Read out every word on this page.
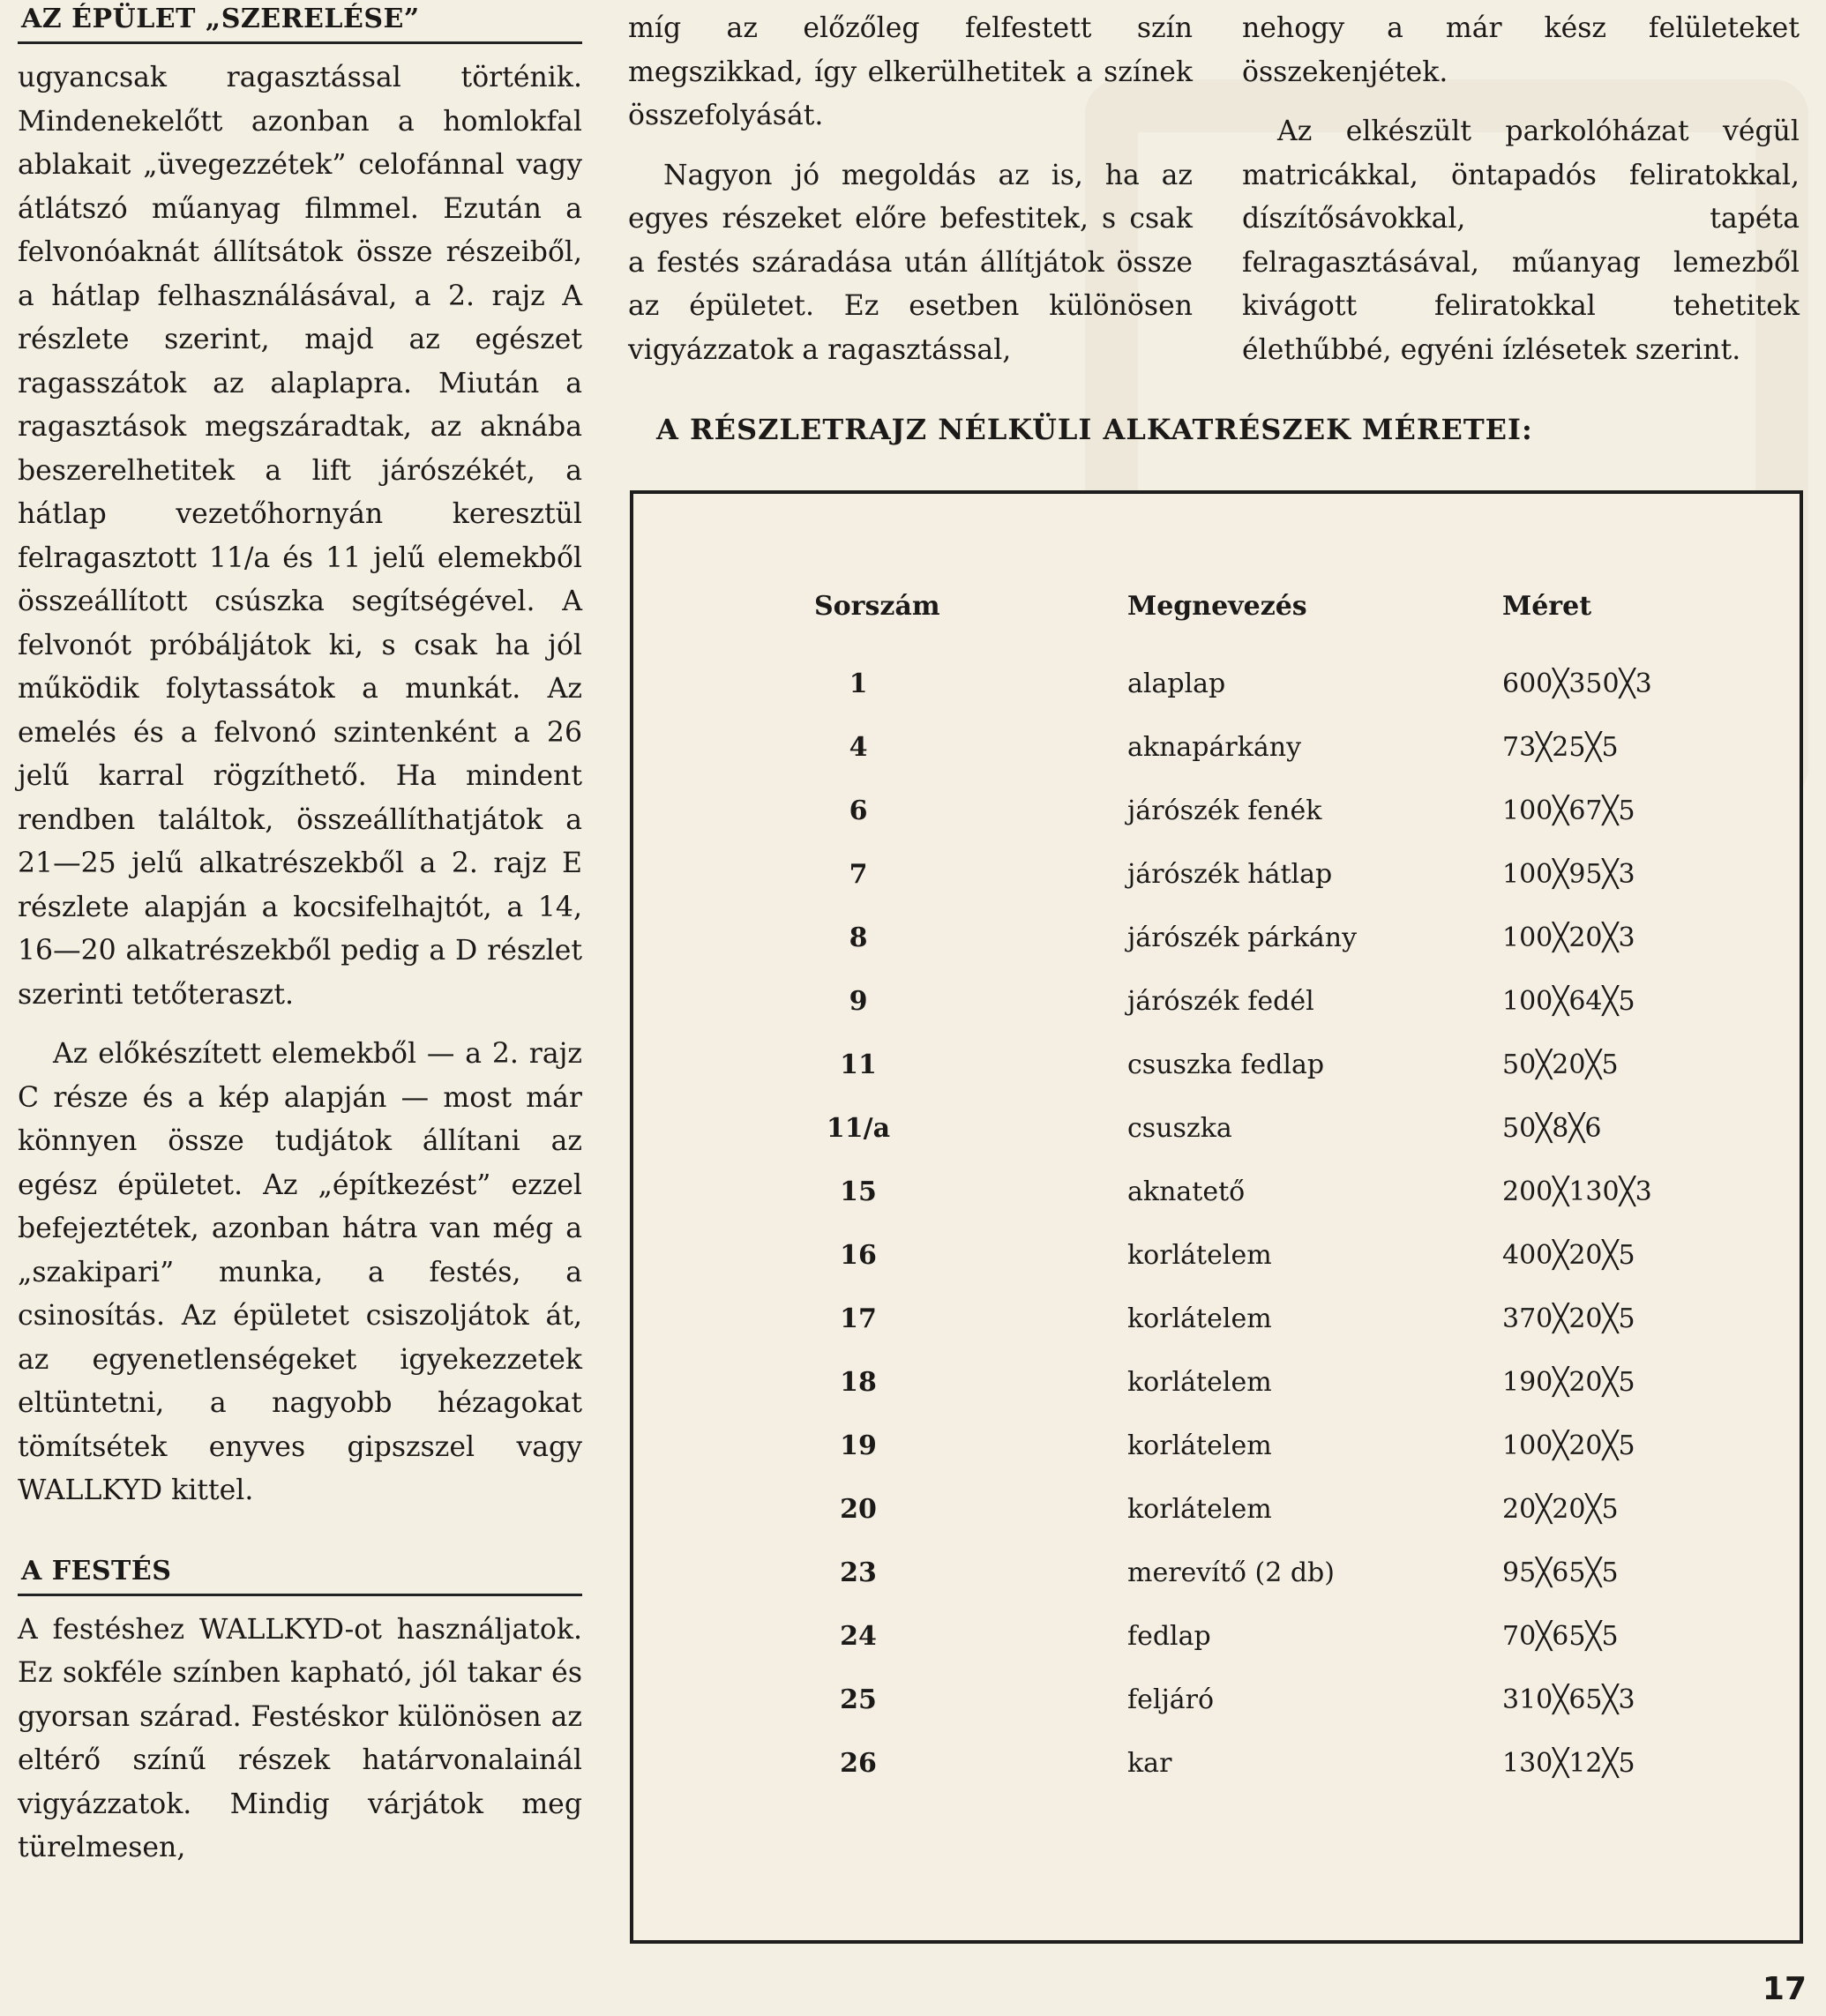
AZ ÉPÜLET „SZERELÉSE”

ugyancsak ragasztással történik. Mindenekelőtt azonban a homlokfal ablakait „üvegezzétek” celofánnal vagy átlátszó műanyag filmmel. Ezután a felvonóaknát állítsátok össze részeiből, a hátlap felhasználásával, a 2. rajz A részlete szerint, majd az egészet ragasszátok az alaplapra. Miután a ragasztások megszáradtak, az aknába beszerelhetitek a lift járószékét, a hátlap vezetőhornyán keresztül felragasztott 11/a és 11 jelű elemekből összeállított csúszka segítségével. A felvonót próbáljátok ki, s csak ha jól működik folytassátok a munkát. Az emelés és a felvonó szintenként a 26 jelű karral rögzíthető. Ha mindent rendben találtok, összeállíthatjátok a 21—25 jelű alkatrészekből a 2. rajz E részlete alapján a kocsifelhajtót, a 14, 16—20 alkatrészekből pedig a D részlet szerinti tetőteraszt.

Az előkészített elemekből — a 2. rajz C része és a kép alapján — most már könnyen össze tudjátok állítani az egész épületet. Az „építkezést” ezzel befejeztétek, azonban hátra van még a „szakipari” munka, a festés, a csinosítás. Az épületet csiszoljátok át, az egyenetlenségeket igyekezzetek eltüntetni, a nagyobb hézagokat tömítsétek enyves gipszszel vagy WALLKYD kittel.

A FESTÉS

A festéshez WALLKYD-ot használjatok. Ez sokféle színben kapható, jól takar és gyorsan szárad. Festéskor különösen az eltérő színű részek határvonalainál vigyázzatok. Mindig várjátok meg türelmesen,

míg az előzőleg felfestett szín megszikkad, így elkerülhetitek a színek összefolyását.

Nagyon jó megoldás az is, ha az egyes részeket előre befestitek, s csak a festés száradása után állítjátok össze az épületet. Ez esetben különösen vigyázzatok a ragasztással,

nehogy a már kész felületeket összekenjétek.

Az elkészült parkolóházat végül matricákkal, öntapadós feliratokkal, díszítősávokkal, tapéta felragasztásával, műanyag lemezből kivágott feliratokkal tehetitek élethűbbé, egyéni ízlésetek szerint.

A RÉSZLETRAJZ NÉLKÜLI ALKATRÉSZEK MÉRETEI:
Sorszám	Megnevezés	Méret
1	alaplap	600╳350╳3
4	aknapárkány	73╳25╳5
6	járószék fenék	100╳67╳5
7	járószék hátlap	100╳95╳3
8	járószék párkány	100╳20╳3
9	járószék fedél	100╳64╳5
11	csuszka fedlap	50╳20╳5
11/a	csuszka	50╳8╳6
15	aknatető	200╳130╳3
16	korlátelem	400╳20╳5
17	korlátelem	370╳20╳5
18	korlátelem	190╳20╳5
19	korlátelem	100╳20╳5
20	korlátelem	20╳20╳5
23	merevítő (2 db)	95╳65╳5
24	fedlap	70╳65╳5
25	feljáró	310╳65╳3
26	kar	130╳12╳5
17
